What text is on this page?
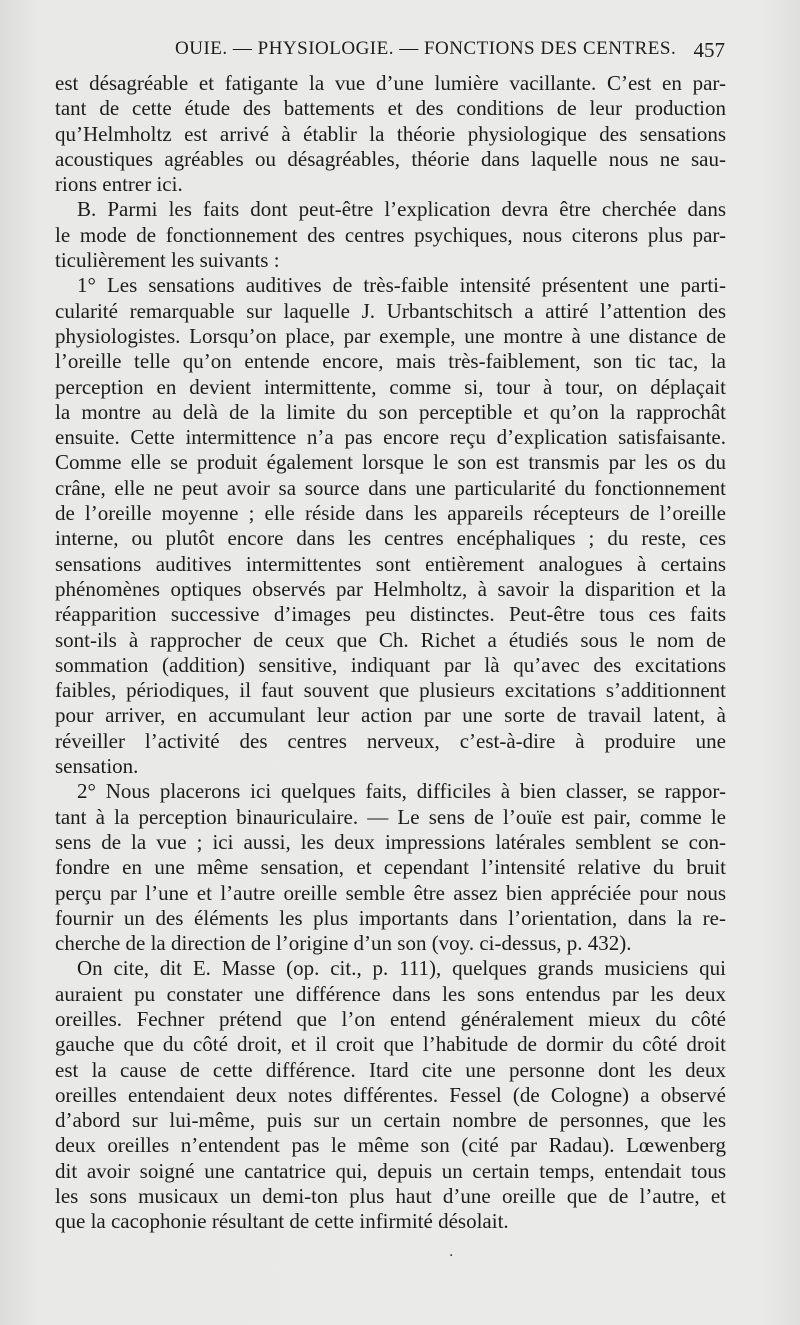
OUIE. — PHYSIOLOGIE. — FONCTIONS DES CENTRES. 457
est désagréable et fatigante la vue d’une lumière vacillante. C’est en par-
tant de cette étude des battements et des conditions de leur production
qu’Helmholtz est arrivé à établir la théorie physiologique des sensations
acoustiques agréables ou désagréables, théorie dans laquelle nous ne sau-
rions entrer ici.
B. Parmi les faits dont peut-être l’explication devra être cherchée dans
le mode de fonctionnement des centres psychiques, nous citerons plus par-
ticulièrement les suivants :
1° Les sensations auditives de très-faible intensité présentent une parti-
cularité remarquable sur laquelle J. Urbantschitsch a attiré l’attention des
physiologistes. Lorsqu’on place, par exemple, une montre à une distance de
l’oreille telle qu’on entende encore, mais très-faiblement, son tic tac, la
perception en devient intermittente, comme si, tour à tour, on déplaçait
la montre au delà de la limite du son perceptible et qu’on la rapprochât
ensuite. Cette intermittence n’a pas encore reçu d’explication satisfaisante.
Comme elle se produit également lorsque le son est transmis par les os du
crâne, elle ne peut avoir sa source dans une particularité du fonctionnement
de l’oreille moyenne ; elle réside dans les appareils récepteurs de l’oreille
interne, ou plutôt encore dans les centres encéphaliques ; du reste, ces
sensations auditives intermittentes sont entièrement analogues à certains
phénomènes optiques observés par Helmholtz, à savoir la disparition et la
réapparition successive d’images peu distinctes. Peut-être tous ces faits
sont-ils à rapprocher de ceux que Ch. Richet a étudiés sous le nom de
sommation (addition) sensitive, indiquant par là qu’avec des excitations
faibles, périodiques, il faut souvent que plusieurs excitations s’additionnent
pour arriver, en accumulant leur action par une sorte de travail latent, à
réveiller l’activité des centres nerveux, c’est-à-dire à produire une
sensation.
2° Nous placerons ici quelques faits, difficiles à bien classer, se rappor-
tant à la perception binauriculaire. — Le sens de l’ouïe est pair, comme le
sens de la vue ; ici aussi, les deux impressions latérales semblent se con-
fondre en une même sensation, et cependant l’intensité relative du bruit
perçu par l’une et l’autre oreille semble être assez bien appréciée pour nous
fournir un des éléments les plus importants dans l’orientation, dans la re-
cherche de la direction de l’origine d’un son (voy. ci-dessus, p. 432).
On cite, dit E. Masse (op. cit., p. 111), quelques grands musiciens qui
auraient pu constater une différence dans les sons entendus par les deux
oreilles. Fechner prétend que l’on entend généralement mieux du côté
gauche que du côté droit, et il croit que l’habitude de dormir du côté droit
est la cause de cette différence. Itard cite une personne dont les deux
oreilles entendaient deux notes différentes. Fessel (de Cologne) a observé
d’abord sur lui-même, puis sur un certain nombre de personnes, que les
deux oreilles n’entendent pas le même son (cité par Radau). Lœwenberg
dit avoir soigné une cantatrice qui, depuis un certain temps, entendait tous
les sons musicaux un demi-ton plus haut d’une oreille que de l’autre, et
que la cacophonie résultant de cette infirmité désolait.
·
